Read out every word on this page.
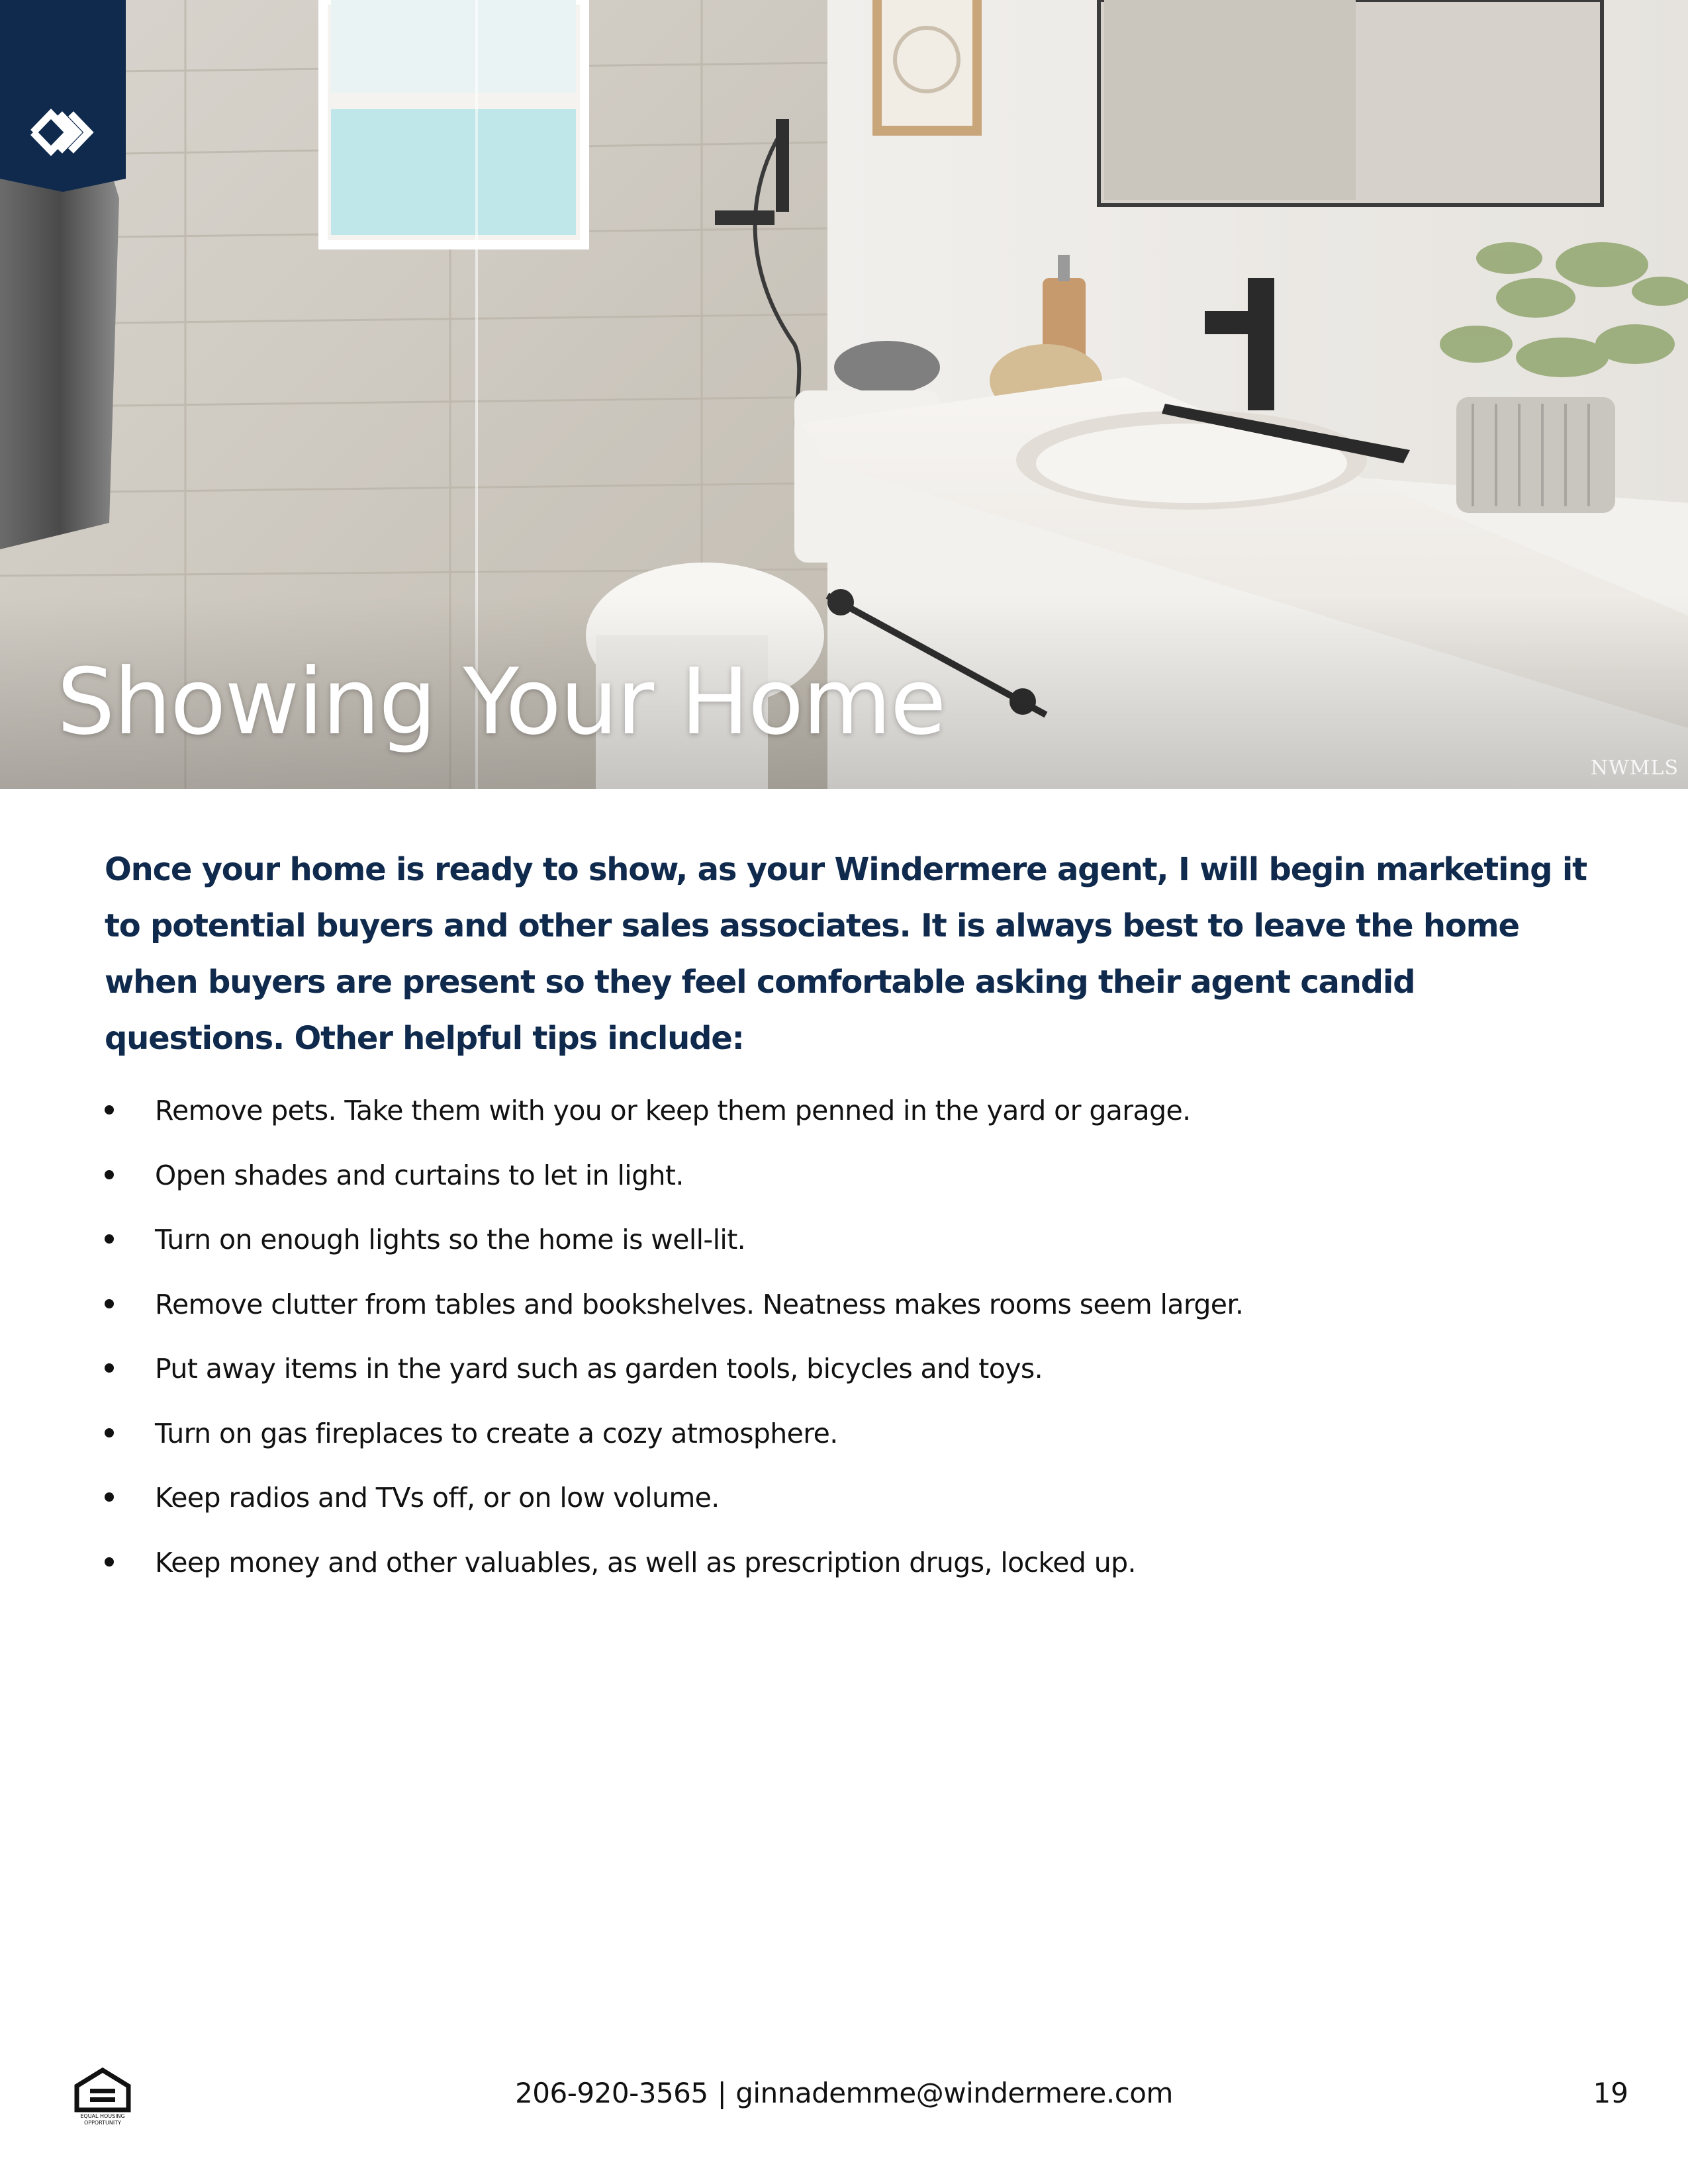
Showing Your Home
NWMLS
Once your home is ready to show, as your Windermere agent, I will begin marketing it to potential buyers and other sales associates. It is always best to leave the home when buyers are present so they feel comfortable asking their agent candid questions. Other helpful tips include:
Remove pets. Take them with you or keep them penned in the yard or garage.
Open shades and curtains to let in light.
Turn on enough lights so the home is well-lit.
Remove clutter from tables and bookshelves. Neatness makes rooms seem larger.
Put away items in the yard such as garden tools, bicycles and toys.
Turn on gas fireplaces to create a cozy atmosphere.
Keep radios and TVs off, or on low volume.
Keep money and other valuables, as well as prescription drugs, locked up.
EQUAL HOUSING
OPPORTUNITY
206-920-3565 | ginnademme@windermere.com	19
